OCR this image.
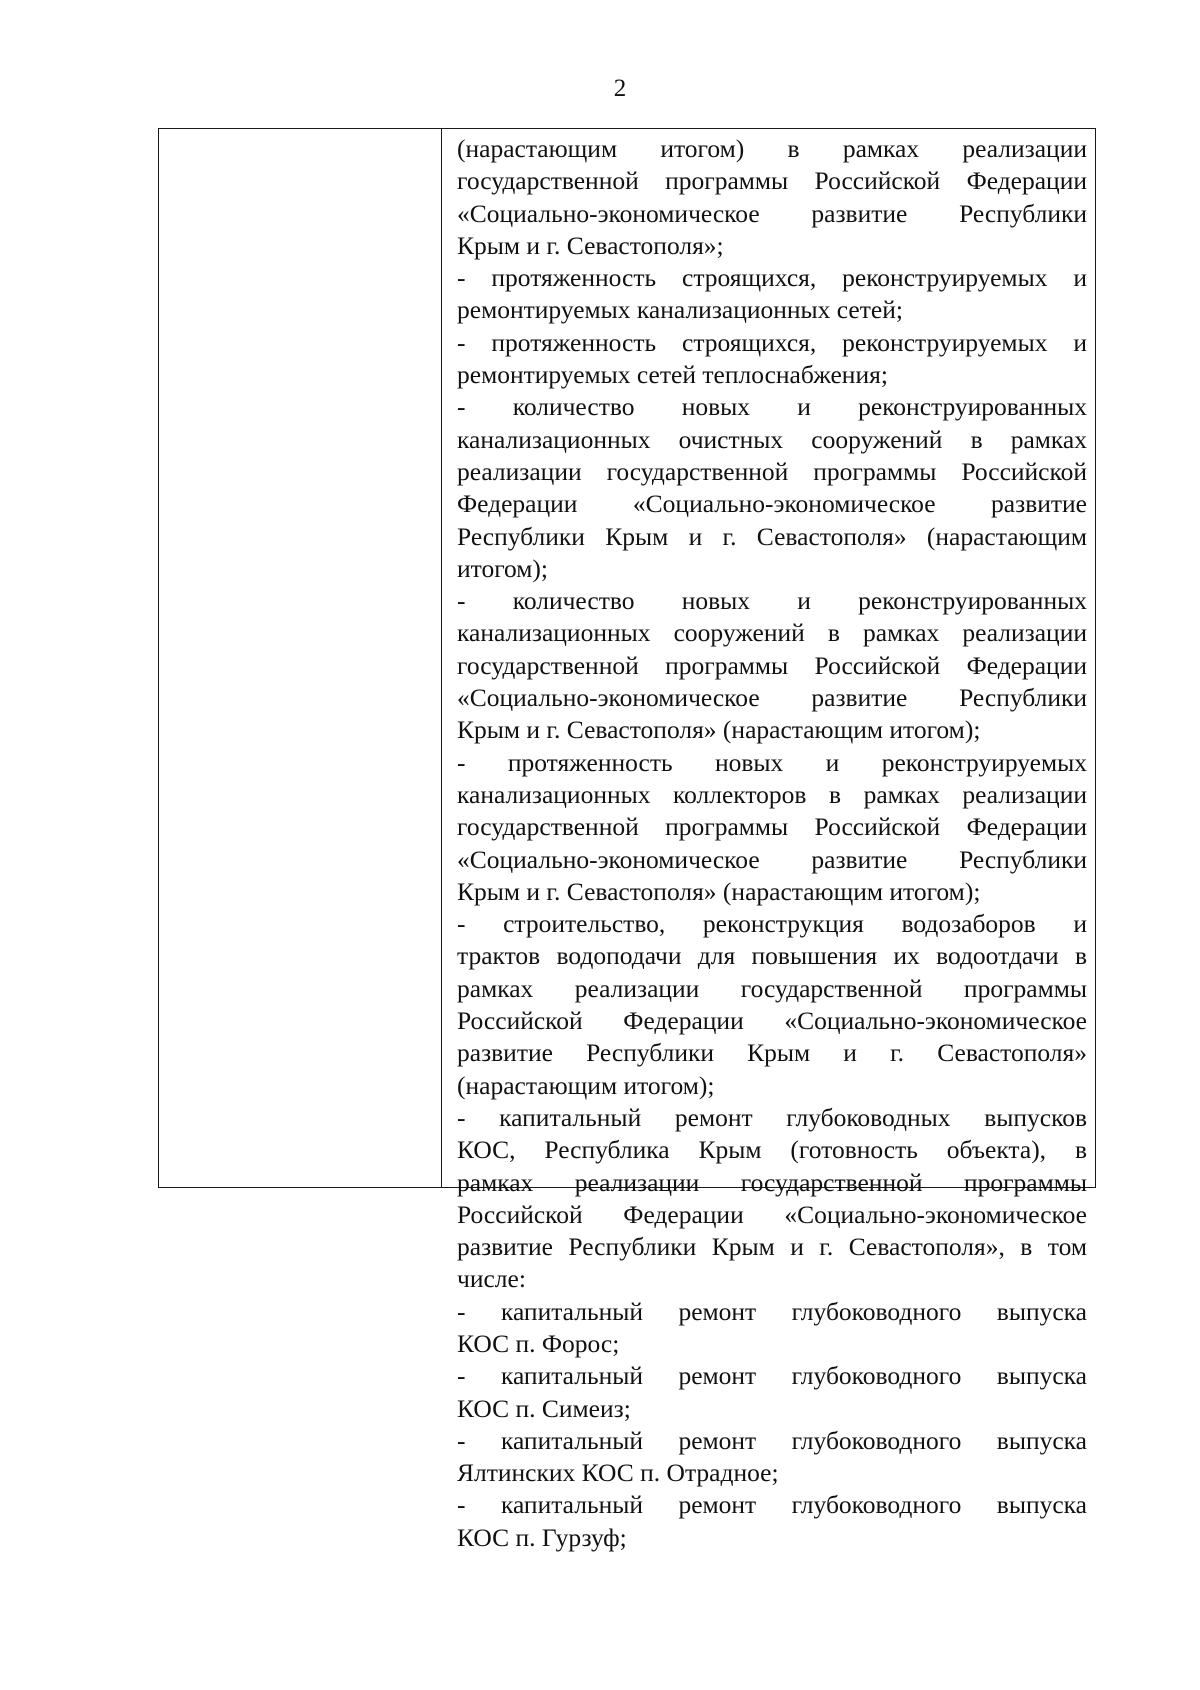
2
(нарастающим итогом) в рамках реализации
государственной программы Российской Федерации
«Социально-экономическое развитие Республики
Крым и г. Севастополя»;
- протяженность строящихся, реконструируемых и
ремонтируемых канализационных сетей;
- протяженность строящихся, реконструируемых и
ремонтируемых сетей теплоснабжения;
- количество новых и реконструированных
канализационных очистных сооружений в рамках
реализации государственной программы Российской
Федерации «Социально-экономическое развитие
Республики Крым и г. Севастополя» (нарастающим
итогом);
- количество новых и реконструированных
канализационных сооружений в рамках реализации
государственной программы Российской Федерации
«Социально-экономическое развитие Республики
Крым и г. Севастополя» (нарастающим итогом);
- протяженность новых и реконструируемых
канализационных коллекторов в рамках реализации
государственной программы Российской Федерации
«Социально-экономическое развитие Республики
Крым и г. Севастополя» (нарастающим итогом);
- строительство, реконструкция водозаборов и
трактов водоподачи для повышения их водоотдачи в
рамках реализации государственной программы
Российской Федерации «Социально-экономическое
развитие Республики Крым и г. Севастополя»
(нарастающим итогом);
- капитальный ремонт глубоководных выпусков
КОС, Республика Крым (готовность объекта), в
рамках реализации государственной программы
Российской Федерации «Социально-экономическое
развитие Республики Крым и г. Севастополя», в том
числе:
- капитальный ремонт глубоководного выпуска
КОС п. Форос;
- капитальный ремонт глубоководного выпуска
КОС п. Симеиз;
- капитальный ремонт глубоководного выпуска
Ялтинских КОС п. Отрадное;
- капитальный ремонт глубоководного выпуска
КОС п. Гурзуф;
